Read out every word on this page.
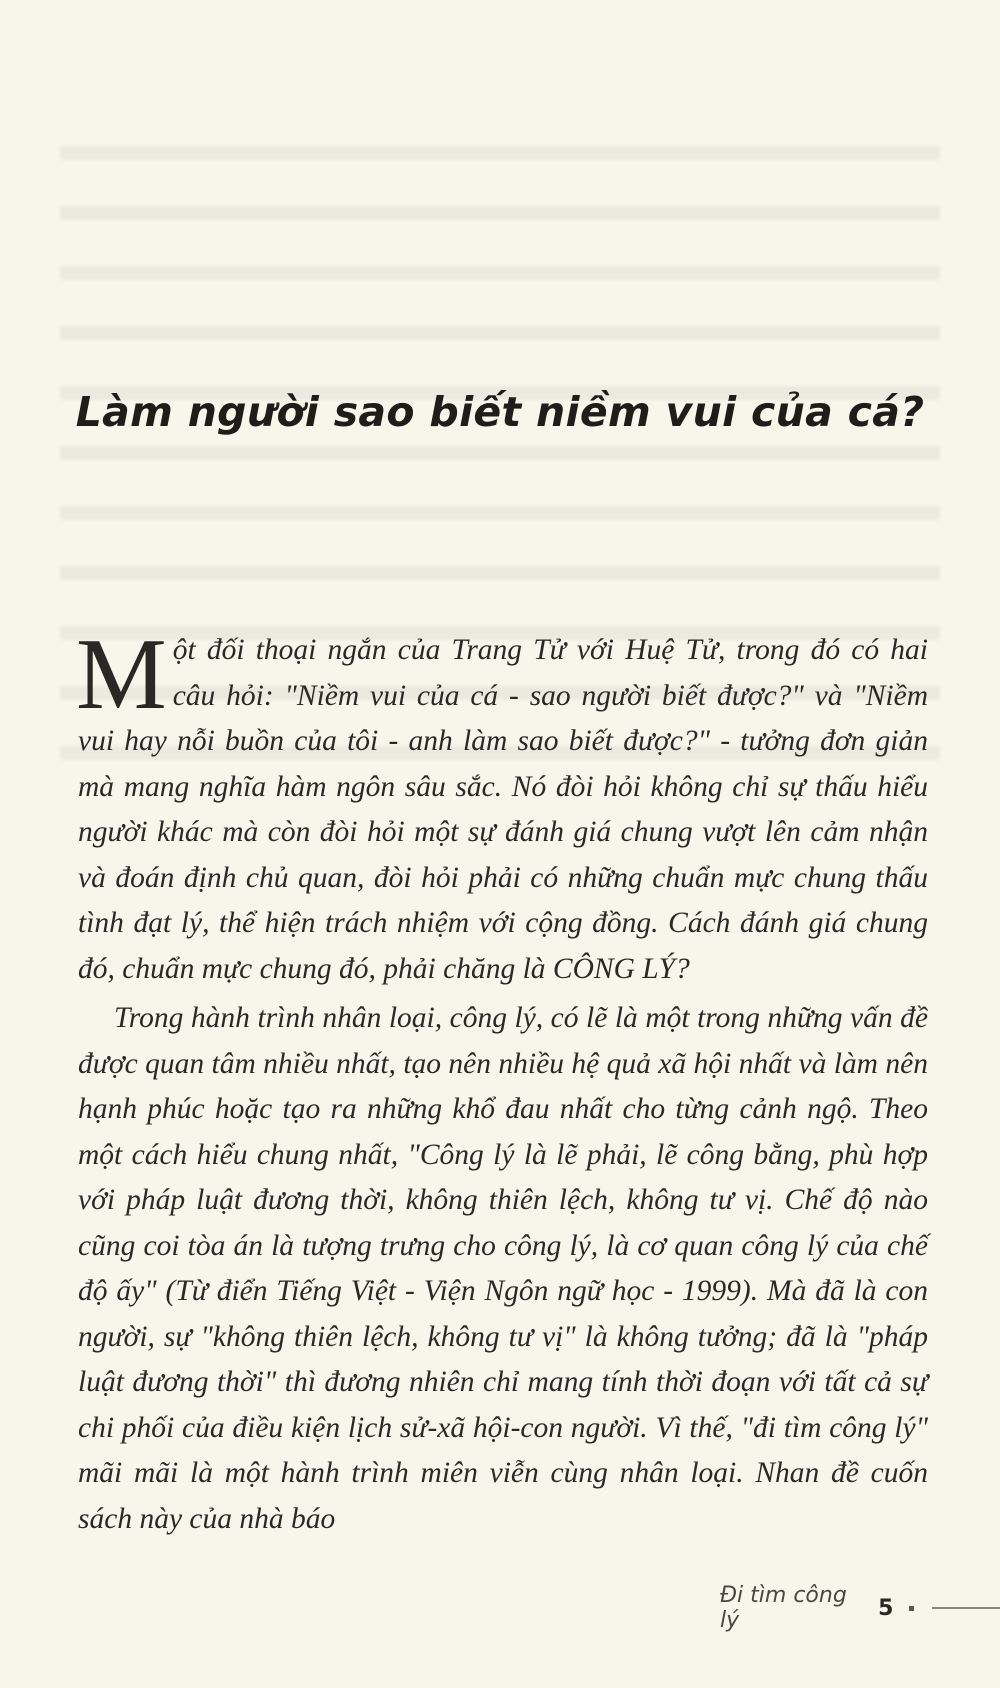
Làm người sao biết niềm vui của cá?

Một đối thoại ngắn của Trang Tử với Huệ Tử, trong đó có hai câu hỏi: "Niềm vui của cá - sao người biết được?" và "Niềm vui hay nỗi buồn của tôi - anh làm sao biết được?" - tưởng đơn giản mà mang nghĩa hàm ngôn sâu sắc. Nó đòi hỏi không chỉ sự thấu hiểu người khác mà còn đòi hỏi một sự đánh giá chung vượt lên cảm nhận và đoán định chủ quan, đòi hỏi phải có những chuẩn mực chung thấu tình đạt lý, thể hiện trách nhiệm với cộng đồng. Cách đánh giá chung đó, chuẩn mực chung đó, phải chăng là CÔNG LÝ?

Trong hành trình nhân loại, công lý, có lẽ là một trong những vấn đề được quan tâm nhiều nhất, tạo nên nhiều hệ quả xã hội nhất và làm nên hạnh phúc hoặc tạo ra những khổ đau nhất cho từng cảnh ngộ. Theo một cách hiểu chung nhất, "Công lý là lẽ phải, lẽ công bằng, phù hợp với pháp luật đương thời, không thiên lệch, không tư vị. Chế độ nào cũng coi tòa án là tượng trưng cho công lý, là cơ quan công lý của chế độ ấy" (Từ điển Tiếng Việt - Viện Ngôn ngữ học - 1999). Mà đã là con người, sự "không thiên lệch, không tư vị" là không tưởng; đã là "pháp luật đương thời" thì đương nhiên chỉ mang tính thời đoạn với tất cả sự chi phối của điều kiện lịch sử-xã hội-con người. Vì thế, "đi tìm công lý" mãi mãi là một hành trình miên viễn cùng nhân loại. Nhan đề cuốn sách này của nhà báo

Đi tìm công lý	5
